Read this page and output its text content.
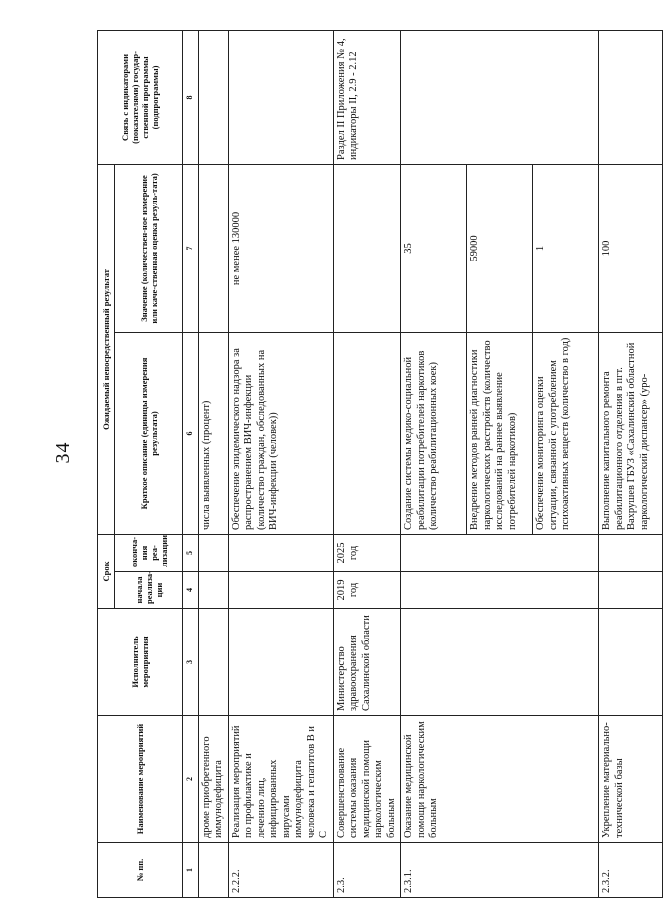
34
№ пп.	Наименование мероприятий	Исполнитель мероприятия	Срок		Ожидаемый непосредственный результат		Связь с индикаторами (показателями) государ-ственной программы (подпрограммы)
			начала реализа-ции	оконча-ния реа-лизации	Краткое описание (единицы измерения результата)	Значение (количествен-ное измерение или каче-ственная оценка резуль-тата)	
1	2	3	4	5	6	7	8
	дроме приобретенного иммунодефицита				числа выявленных (процент)		
2.2.2.	Реализация мероприятий по профилактике и лечению лиц, инфицированных вирусами иммунодефицита человека и гепатитов В и С				Обеспечение эпидемического надзора за распространением ВИЧ-инфекции (количество граждан, обследованных на ВИЧ-инфекции (человек))	не менее 130000	
2.3.	Совершенствование системы оказания медицинской помощи наркологическим больным	Министерство здравоохранения Сахалинской области	2019 год	2025 год			Раздел II Приложения № 4, индикаторы II, 2.9 - 2.12
2.3.1.	Оказание медицинской помощи наркологическим больным				Создание системы медико-социальной реабилитации потребителей наркотиков (количество реабилитационных коек)	35	
					Внедрение методов ранней диагностики наркологических расстройств (количество исследований на раннее выявление потребителей наркотиков)	59000	
					Обеспечение мониторинга оценки ситуации, связанной с употреблением психоактивных веществ (количество в год)	1	
2.3.2.	Укрепление материально-технической базы				Выполнение капитального ремонта реабилитационного отделения в пгт. Вахрушев ГБУЗ «Сахалинский областной наркологический диспансер» (уро-	100	
